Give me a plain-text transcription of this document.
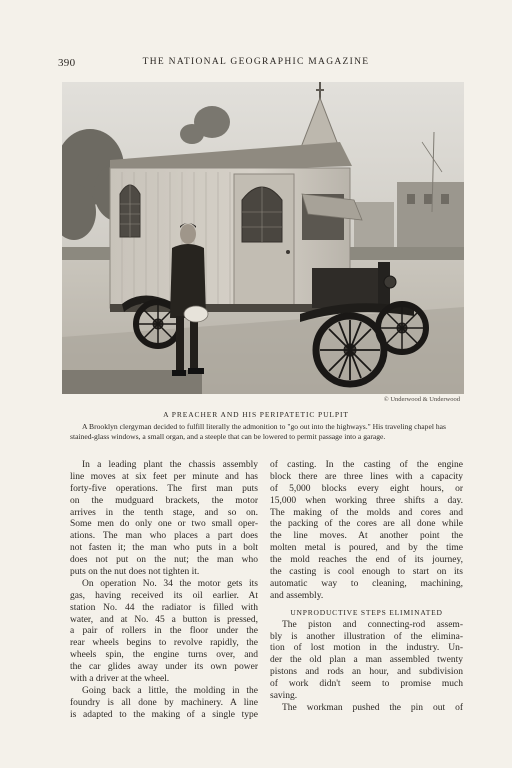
390	THE NATIONAL GEOGRAPHIC MAGAZINE
© Underwood & Underwood
A PREACHER AND HIS PERIPATETIC PULPIT
A Brooklyn clergyman decided to fulfill literally the admonition to "go out into the highways." His traveling chapel has stained-glass windows, a small organ, and a steeple that can be lowered to permit passage into a garage.
In a leading plant the chassis assembly
line moves at six feet per minute and has
forty-five operations. The first man puts
on the mudguard brackets, the motor
arrives in the tenth stage, and so on.
Some men do only one or two small oper-
ations. The man who places a part does
not fasten it; the man who puts in a bolt
does not put on the nut; the man who
puts on the nut does not tighten it.
On operation No. 34 the motor gets its
gas, having received its oil earlier. At
station No. 44 the radiator is filled with
water, and at No. 45 a button is pressed,
a pair of rollers in the floor under the
rear wheels begins to revolve rapidly, the
wheels spin, the engine turns over, and
the car glides away under its own power
with a driver at the wheel.
Going back a little, the molding in the
foundry is all done by machinery. A line
is adapted to the making of a single type
of casting. In the casting of the engine
block there are three lines with a capacity
of 5,000 blocks every eight hours, or
15,000 when working three shifts a day.
The making of the molds and cores and
the packing of the cores are all done while
the line moves. At another point the
molten metal is poured, and by the time
the mold reaches the end of its journey,
the casting is cool enough to start on its
automatic way to cleaning, machining,
and assembly.
UNPRODUCTIVE STEPS ELIMINATED
The piston and connecting-rod assem-
bly is another illustration of the elimina-
tion of lost motion in the industry. Un-
der the old plan a man assembled twenty
pistons and rods an hour, and subdivision
of work didn't seem to promise much
saving.
The workman pushed the pin out of
